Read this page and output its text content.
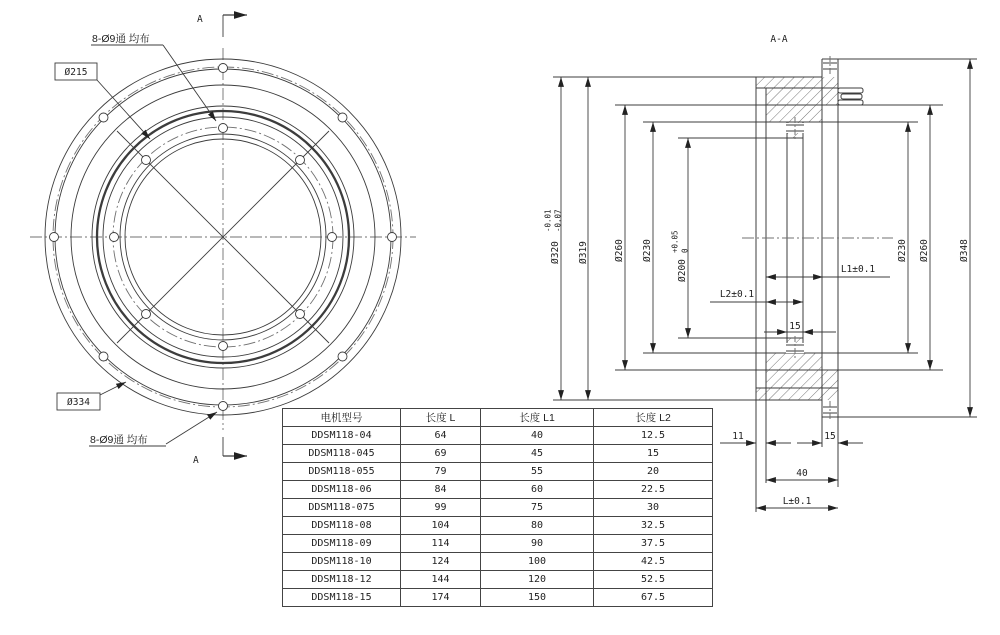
8-Ø9通 均布
8-Ø9通 均布
Ø215
Ø334
A
A
A-A
Ø320
-0.01 -0.07
Ø319	Ø260 Ø230
Ø200
+0.05 0	Ø230 Ø260	Ø348
L1±0.1
L2±0.1
15
11	15
40
L±0.1
电机型号	长度 L	长度 L1	长度 L2
DDSM118-04	64	40	12.5
DDSM118-045	69	45	15
DDSM118-055	79	55	20
DDSM118-06	84	60	22.5
DDSM118-075	99	75	30
DDSM118-08	104	80	32.5
DDSM118-09	114	90	37.5
DDSM118-10	124	100	42.5
DDSM118-12	144	120	52.5
DDSM118-15	174	150	67.5
